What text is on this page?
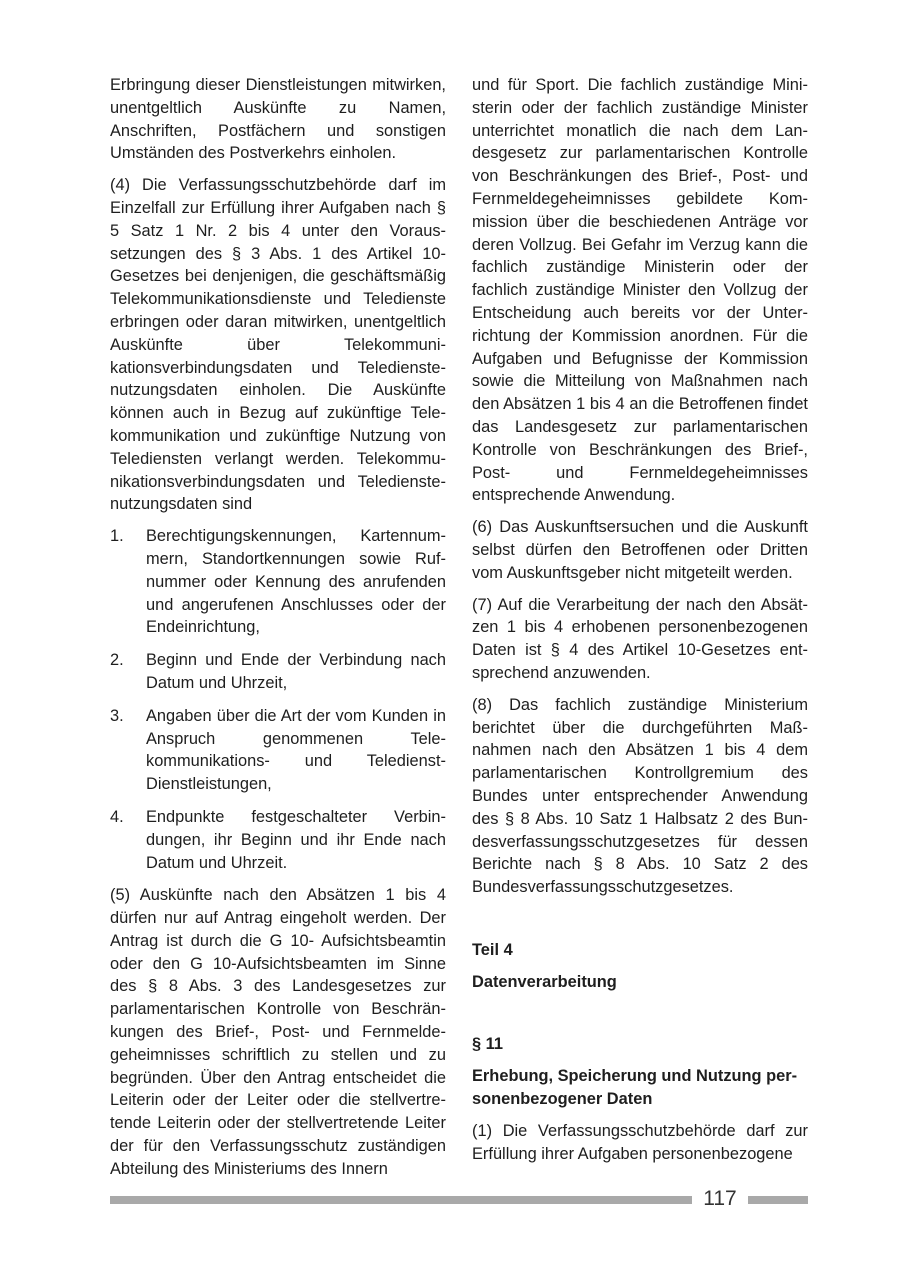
Erbringung dieser Dienstleistungen mitwirken, unentgeltlich Auskünfte zu Namen, Anschriften, Postfächern und sonstigen Umständen des Postverkehrs einholen.

(4) Die Verfassungsschutzbehörde darf im Einzelfall zur Erfüllung ihrer Aufgaben nach § 5 Satz 1 Nr. 2 bis 4 unter den Voraussetzungen des § 3 Abs. 1 des Artikel 10-Gesetzes bei denjenigen, die geschäftsmäßig Telekommunikationsdienste und Teledienste erbringen oder daran mitwirken, unentgeltlich Auskünfte über Telekommunikationsverbindungsdaten und Teledienstenutzungsdaten einholen. Die Auskünfte können auch in Bezug auf zukünftige Telekommunikation und zukünftige Nutzung von Telediensten verlangt werden. Telekommunikationsverbindungsdaten und Teledienstenutzungsdaten sind

1. Berechtigungskennungen, Kartennummern, Standortkennungen sowie Rufnummer oder Kennung des anrufenden und angerufenen Anschlusses oder der Endeinrichtung,
2. Beginn und Ende der Verbindung nach Datum und Uhrzeit,
3. Angaben über die Art der vom Kunden in Anspruch genommenen Telekommunikations- und Teledienst-Dienstleistungen,
4. Endpunkte festgeschalteter Verbindungen, ihr Beginn und ihr Ende nach Datum und Uhrzeit.

(5) Auskünfte nach den Absätzen 1 bis 4 dürfen nur auf Antrag eingeholt werden. Der Antrag ist durch die G 10- Aufsichtsbeamtin oder den G 10-Aufsichtsbeamten im Sinne des § 8 Abs. 3 des Landesgesetzes zur parlamentarischen Kontrolle von Beschränkungen des Brief-, Post- und Fernmeldegeheimnisses schriftlich zu stellen und zu begründen. Über den Antrag entscheidet die Leiterin oder der Leiter oder die stellvertretende Leiterin oder der stellvertretende Leiter der für den Verfassungsschutz zuständigen Abteilung des Ministeriums des Innern

und für Sport. Die fachlich zuständige Ministerin oder der fachlich zuständige Minister unterrichtet monatlich die nach dem Landesgesetz zur parlamentarischen Kontrolle von Beschränkungen des Brief-, Post- und Fernmeldegeheimnisses gebildete Kommission über die beschiedenen Anträge vor deren Vollzug. Bei Gefahr im Verzug kann die fachlich zuständige Ministerin oder der fachlich zuständige Minister den Vollzug der Entscheidung auch bereits vor der Unterrichtung der Kommission anordnen. Für die Aufgaben und Befugnisse der Kommission sowie die Mitteilung von Maßnahmen nach den Absätzen 1 bis 4 an die Betroffenen findet das Landesgesetz zur parlamentarischen Kontrolle von Beschränkungen des Brief-, Post- und Fernmeldegeheimnisses entsprechende Anwendung.

(6) Das Auskunftsersuchen und die Auskunft selbst dürfen den Betroffenen oder Dritten vom Auskunftsgeber nicht mitgeteilt werden.

(7) Auf die Verarbeitung der nach den Absätzen 1 bis 4 erhobenen personenbezogenen Daten ist § 4 des Artikel 10-Gesetzes entsprechend anzuwenden.

(8) Das fachlich zuständige Ministerium berichtet über die durchgeführten Maßnahmen nach den Absätzen 1 bis 4 dem parlamentarischen Kontrollgremium des Bundes unter entsprechender Anwendung des § 8 Abs. 10 Satz 1 Halbsatz 2 des Bundesverfassungsschutzgesetzes für dessen Berichte nach § 8 Abs. 10 Satz 2 des Bundesverfassungsschutzgesetzes.

Teil 4

Datenverarbeitung

§ 11

Erhebung, Speicherung und Nutzung personenbezogener Daten

(1) Die Verfassungsschutzbehörde darf zur Erfüllung ihrer Aufgaben personenbezogene

117
